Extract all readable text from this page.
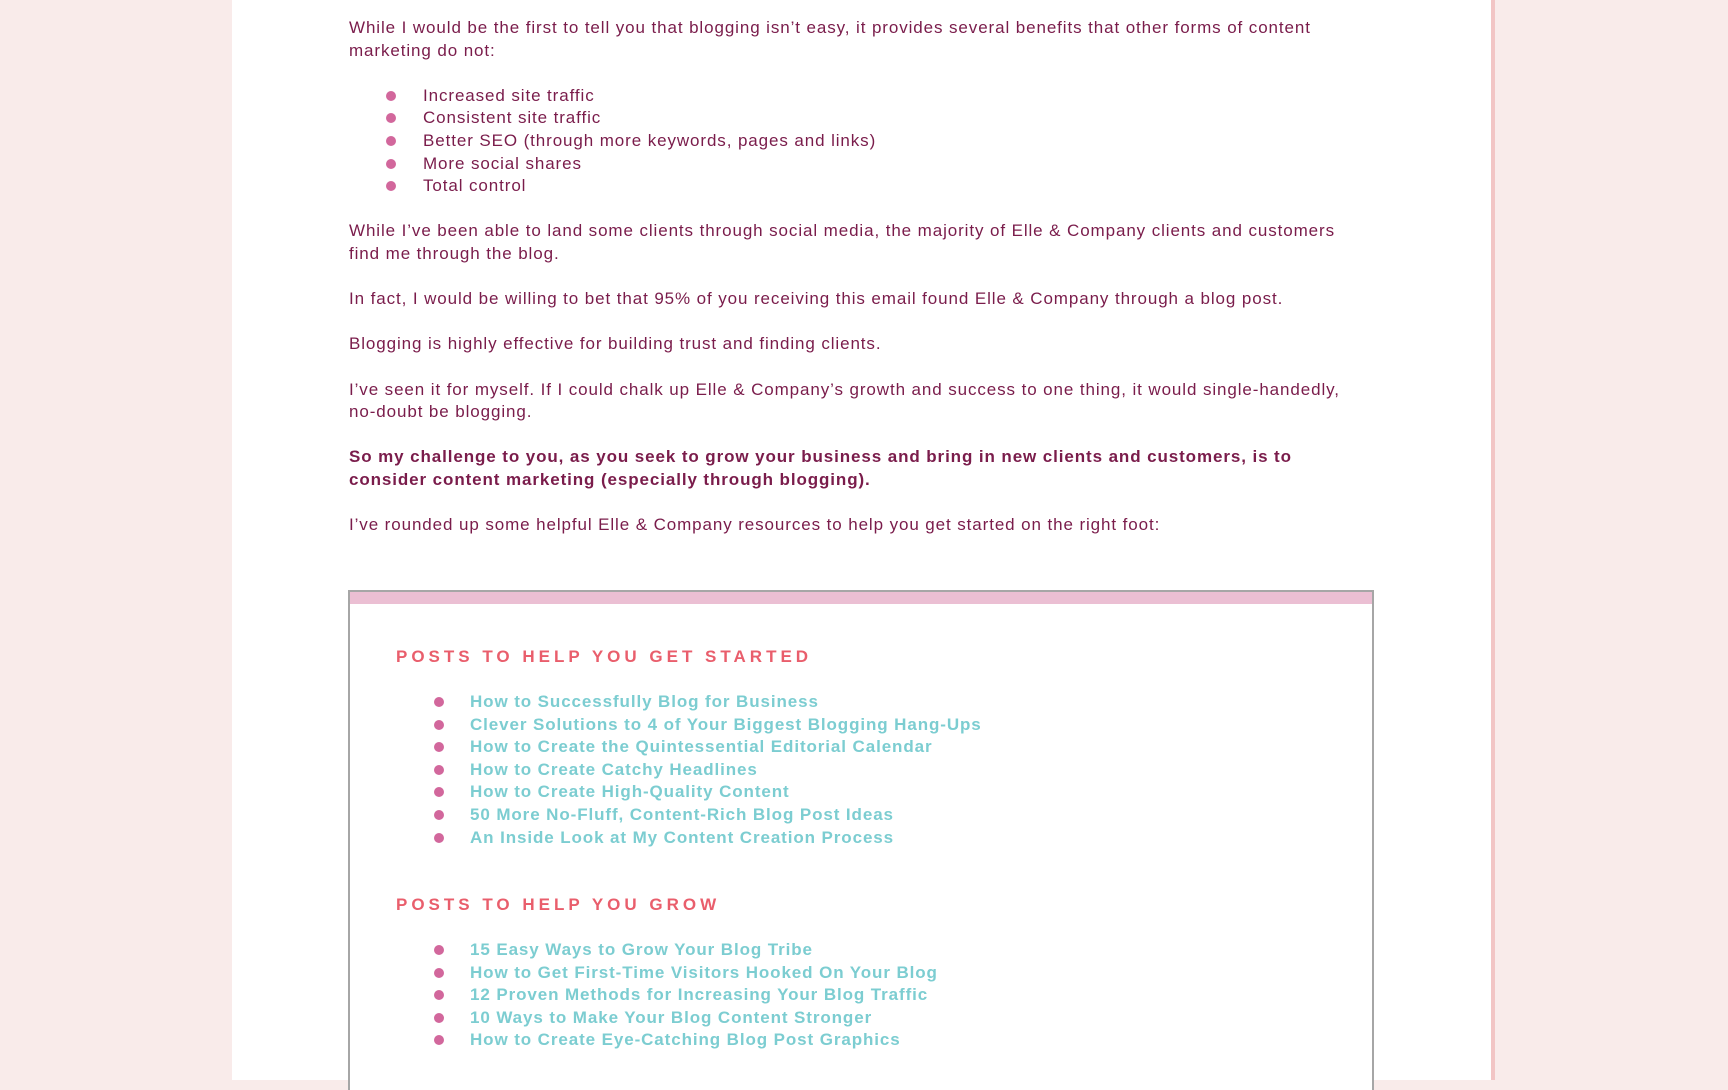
While I would be the first to tell you that blogging isn’t easy, it provides several benefits that other forms of content marketing do not:

Increased site traffic
Consistent site traffic
Better SEO (through more keywords, pages and links)
More social shares
Total control

While I’ve been able to land some clients through social media, the majority of Elle & Company clients and customers find me through the blog.

In fact, I would be willing to bet that 95% of you receiving this email found Elle & Company through a blog post.

Blogging is highly effective for building trust and finding clients.

I’ve seen it for myself. If I could chalk up Elle & Company’s growth and success to one thing, it would single-handedly, no-doubt be blogging.

So my challenge to you, as you seek to grow your business and bring in new clients and customers, is to consider content marketing (especially through blogging).

I’ve rounded up some helpful Elle & Company resources to help you get started on the right foot:

POSTS TO HELP YOU GET STARTED
How to Successfully Blog for Business
Clever Solutions to 4 of Your Biggest Blogging Hang-Ups
How to Create the Quintessential Editorial Calendar
How to Create Catchy Headlines
How to Create High-Quality Content
50 More No-Fluff, Content-Rich Blog Post Ideas
An Inside Look at My Content Creation Process
POSTS TO HELP YOU GROW
15 Easy Ways to Grow Your Blog Tribe
How to Get First-Time Visitors Hooked On Your Blog
12 Proven Methods for Increasing Your Blog Traffic
10 Ways to Make Your Blog Content Stronger
How to Create Eye-Catching Blog Post Graphics
